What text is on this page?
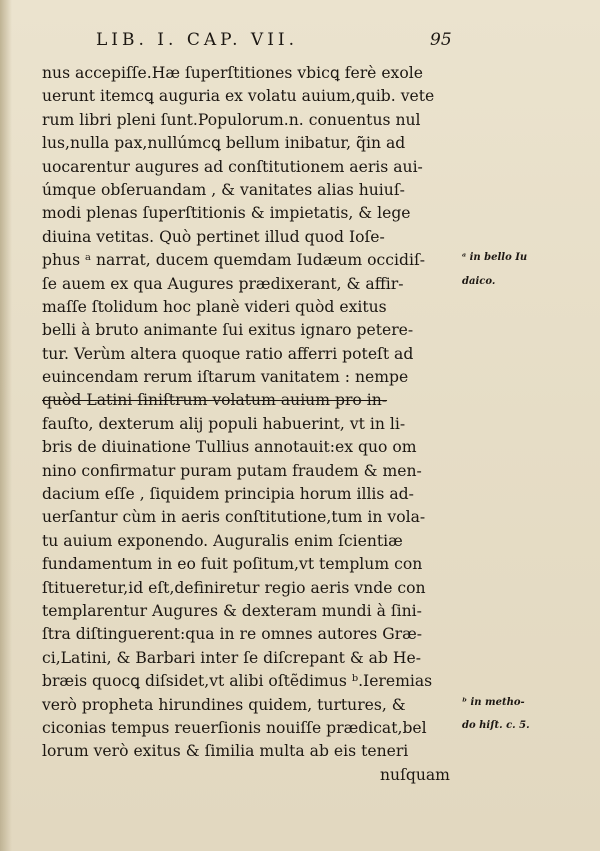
LIB. I. CAP. VII.	95
nus accepiſſe.Hæ ſuperſtitiones vbicꝗ ferè exole
uerunt itemcꝗ auguria ex volatu auium,quib. vete
rum libri pleni ſunt.Populorum.n. conuentus nul
lus,nulla pax,nullúmcꝗ bellum inibatur, q̃̃in ad
uocarentur augures ad conſtitutionem aeris aui-
úmque obſeruandam , & vanitates alias huiuſ-
modi plenas ſuperſtitionis & impietatis, & lege
diuina vetitas. Quò pertinet illud quod Ioſe-
phus ᵃ narrat, ducem quemdam Iudæum occidiſ-
ſe auem ex qua Augures prædixerant, & affir-
maſſe ſtolidum hoc planè videri quòd exitus
belli à bruto animante ſui exitus ignaro petere-
tur. Verùm altera quoque ratio afferri poteſt ad
euincendam rerum iſtarum vanitatem : nempe
quòd Latini ſiniſtrum volatum auium pro in-
fauſto, dexterum alij populi habuerint, vt in li-
bris de diuinatione Tullius annotauit:ex quo om
nino confirmatur puram putam fraudem & men-
dacium eſſe , ſiquidem principia horum illis ad-
uerſantur cùm in aeris conſtitutione,tum in vola-
tu auium exponendo. Auguralis enim ſcientiæ
fundamentum in eo fuit poſitum,vt templum con
ſtitueretur,id eſt,definiretur regio aeris vnde con
templarentur Augures & dexteram mundi à ſini-
ſtra diſtinguerent:qua in re omnes autores Græ-
ci,Latini, & Barbari inter ſe diſcrepant & ab He-
bræis quocꝗ diſsidet,vt alibi oſtẽdimus ᵇ.Ieremias
verò propheta hirundines quidem, turtures, &
ciconias tempus reuerſionis nouiſſe prædicat,bel
lorum verò exitus & ſimilia multa ab eis teneri
nuſquam
ᵃ in bello Iu
daico.
ᵇ in metho-
do hiſt. c. 5.
